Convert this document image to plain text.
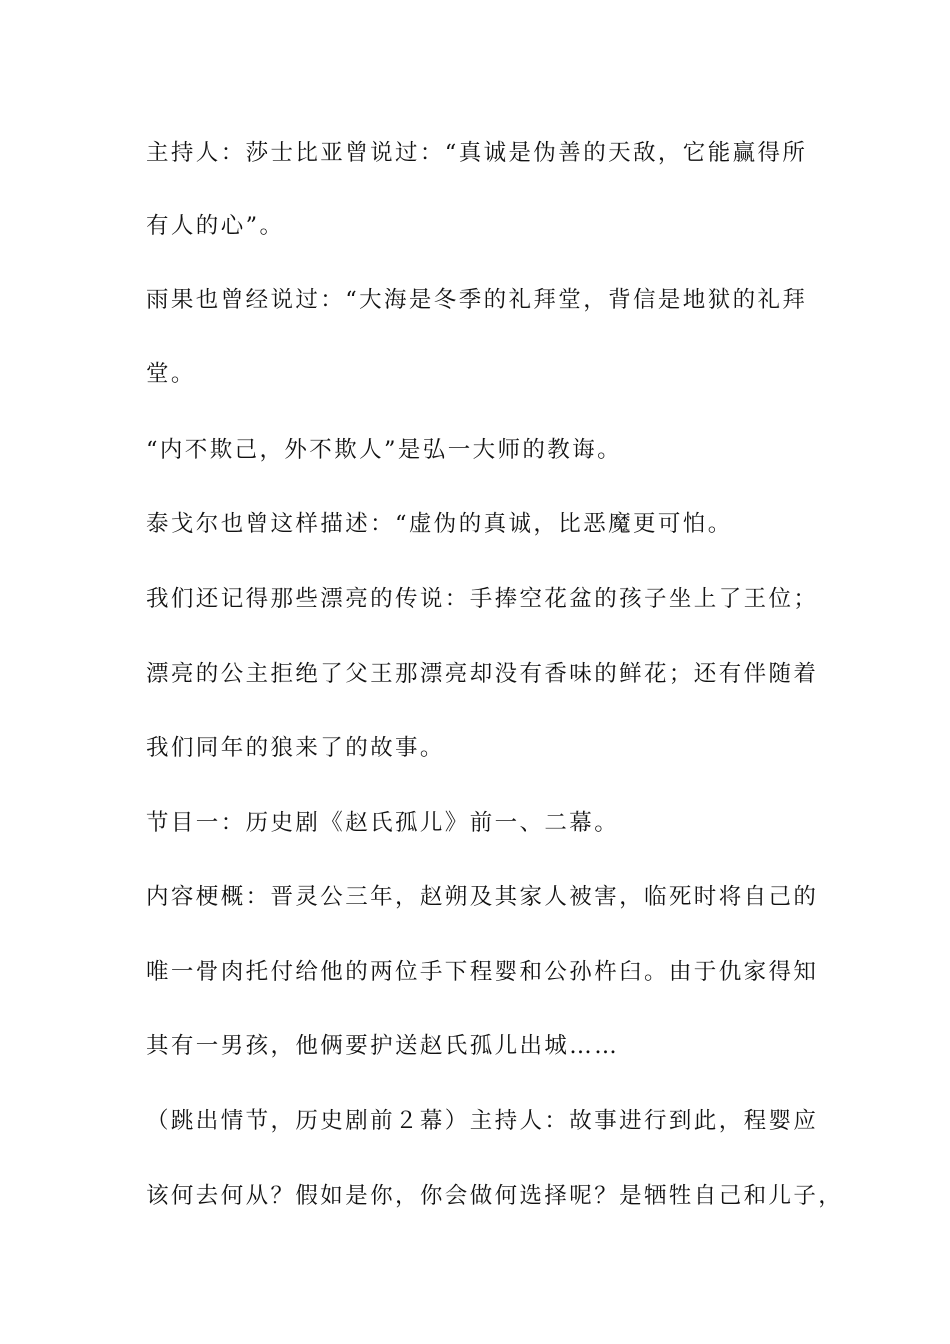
主持人：莎士比亚曾说过：“真诚是伪善的天敌，它能赢得所
有人的心”。
雨果也曾经说过：“大海是冬季的礼拜堂，背信是地狱的礼拜
堂。
“内不欺己，外不欺人”是弘一大师的教诲。
泰戈尔也曾这样描述：“虚伪的真诚，比恶魔更可怕。
我们还记得那些漂亮的传说：手捧空花盆的孩子坐上了王位；
漂亮的公主拒绝了父王那漂亮却没有香味的鲜花；还有伴随着
我们同年的狼来了的故事。
节目一：历史剧《赵氏孤儿》前一、二幕。
内容梗概：晋灵公三年，赵朔及其家人被害，临死时将自己的
唯一骨肉托付给他的两位手下程婴和公孙杵臼。由于仇家得知
其有一男孩，他俩要护送赵氏孤儿出城……
（跳出情节，历史剧前２幕）主持人：故事进行到此，程婴应
该何去何从？假如是你，你会做何选择呢？是牺牲自己和儿子，
